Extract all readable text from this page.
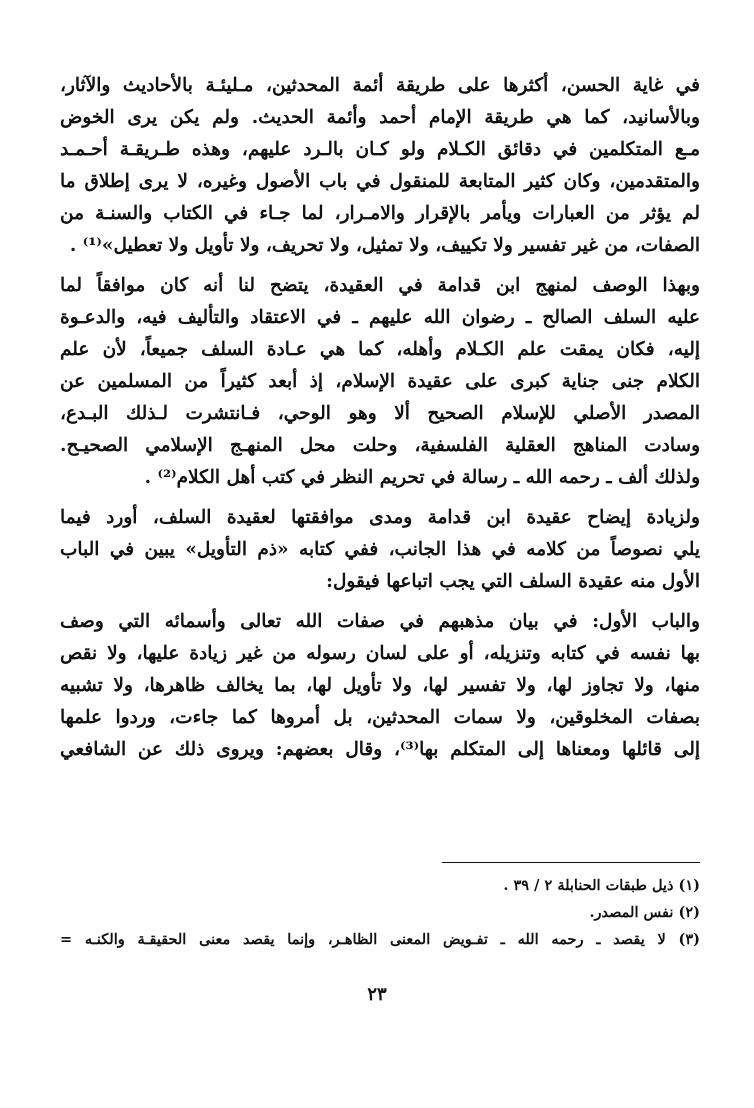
في غاية الحسن، أكثرها على طريقة أئمة المحدثين، مـليئـة بالأحاديث والآثار،
وبالأسانيد، كما هي طريقة الإمام أحمد وأئمة الحديث. ولم يكن يرى الخوض
مـع المتكلمين في دقائق الكـلام ولو كـان بالـرد عليهم، وهذه طـريقـة أحـمـد
والمتقدمين، وكان كثير المتابعة للمنقول في باب الأصول وغيره، لا يرى إطلاق ما
لم يؤثر من العبارات ويأمر بالإقرار والامـرار، لما جـاء في الكتاب والسنـة من
الصفات، من غير تفسير ولا تكييف، ولا تمثيل، ولا تحريف، ولا تأويل ولا تعطيل»⁽¹⁾ .
وبهذا الوصف لمنهج ابن قدامة في العقيدة، يتضح لنا أنه كان موافقاً لما
عليه السلف الصالح ـ رضوان الله عليهم ـ في الاعتقاد والتأليف فيه، والدعـوة
إليه، فكان يمقت علم الكـلام وأهله، كما هي عـادة السلف جميعاً، لأن علم
الكلام جنى جناية كبرى على عقيدة الإسلام، إذ أبعد كثيراً من المسلمين عن
المصدر الأصلي للإسلام الصحيح ألا وهو الوحي، فـانتشرت لـذلك البـدع،
وسادت المناهج العقلية الفلسفية، وحلت محل المنهـج الإسلامي الصحيـح.
ولذلك ألف ـ رحمه الله ـ رسالة في تحريم النظر في كتب أهل الكلام⁽²⁾ .
ولزيادة إيضاح عقيدة ابن قدامة ومدى موافقتها لعقيدة السلف، أورد فيما
يلي نصوصاً من كلامه في هذا الجانب، ففي كتابه «ذم التأويل» يبين في الباب
الأول منه عقيدة السلف التي يجب اتباعها فيقول:
والباب الأول: في بيان مذهبهم في صفات الله تعالى وأسمائه التي وصف
بها نفسه في كتابه وتنزيله، أو على لسان رسوله من غير زيادة عليها، ولا نقص
منها، ولا تجاوز لها، ولا تفسير لها، ولا تأويل لها، بما يخالف ظاهرها، ولا تشبيه
بصفات المخلوقين، ولا سمات المحدثين، بل أمروها كما جاءت، وردوا علمها
إلى قائلها ومعناها إلى المتكلم بها⁽³⁾، وقال بعضهم: ويروى ذلك عن الشافعي
(١) ذيل طبقات الحنابلة ٢ / ٣٩ .
(٢) نفس المصدر.
(٣) لا يقصد ـ رحمه الله ـ تفـويض المعنى الظاهـر، وإنما يقصد معنى الحقيقـة والكنـه =
٢٣
